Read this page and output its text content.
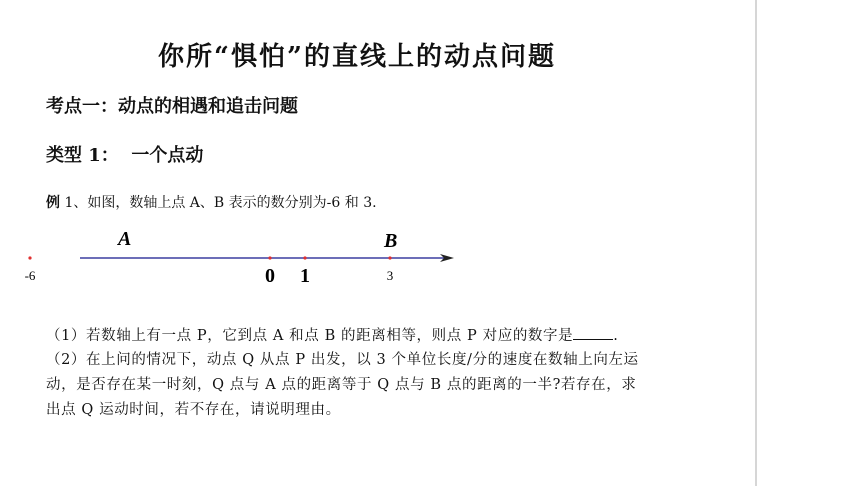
你所“惧怕”的直线上的动点问题
考点一：动点的相遇和追击问题
类型 1：  一个点动
例 1、如图，数轴上点 A、B 表示的数分别为-6 和 3.
-6	0 1	3
A	B
（1）若数轴上有一点 P，它到点 A 和点 B 的距离相等，则点 P 对应的数字是	.
（2）在上问的情况下，动点 Q 从点 P 出发，以 3 个单位长度/分的速度在数轴上向左运
动，是否存在某一时刻，Q 点与 A 点的距离等于 Q 点与 B 点的距离的一半?若存在，求
出点 Q 运动时间，若不存在，请说明理由。
